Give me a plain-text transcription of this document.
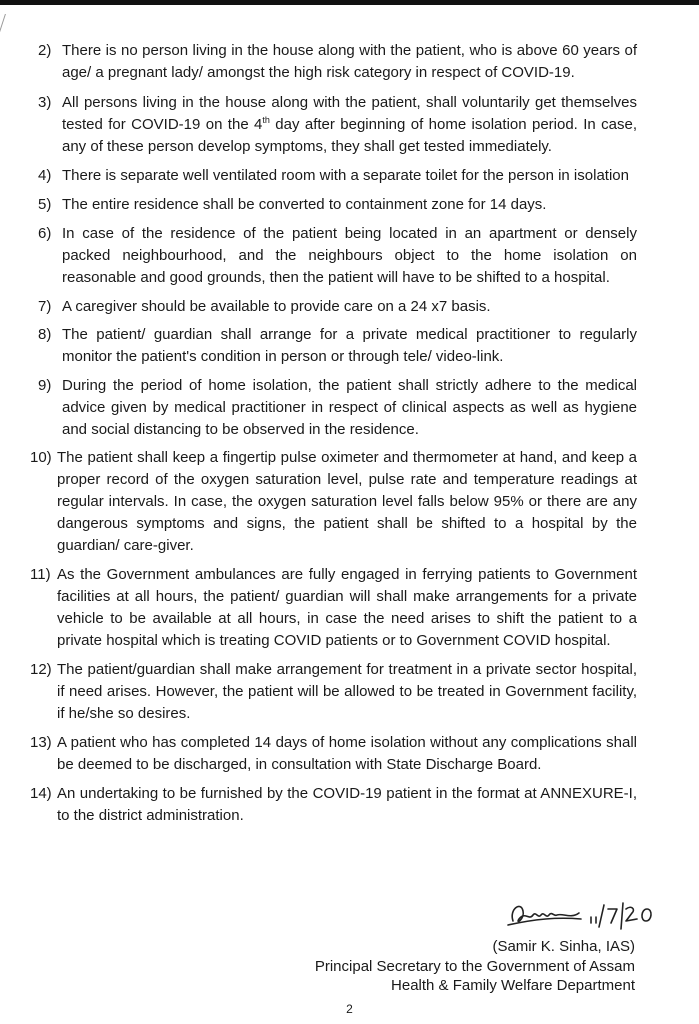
2) There is no person living in the house along with the patient, who is above 60 years of age/ a pregnant lady/ amongst the high risk category in respect of COVID-19.
3) All persons living in the house along with the patient, shall voluntarily get themselves tested for COVID-19 on the 4th day after beginning of home isolation period. In case, any of these person develop symptoms, they shall get tested immediately.
4) There is separate well ventilated room with a separate toilet for the person in isolation
5) The entire residence shall be converted to containment zone for 14 days.
6) In case of the residence of the patient being located in an apartment or densely packed neighbourhood, and the neighbours object to the home isolation on reasonable and good grounds, then the patient will have to be shifted to a hospital.
7) A caregiver should be available to provide care on a 24 x7 basis.
8) The patient/ guardian shall arrange for a private medical practitioner to regularly monitor the patient's condition in person or through tele/ video-link.
9) During the period of home isolation, the patient shall strictly adhere to the medical advice given by medical practitioner in respect of clinical aspects as well as hygiene and social distancing to be observed in the residence.
10) The patient shall keep a fingertip pulse oximeter and thermometer at hand, and keep a proper record of the oxygen saturation level, pulse rate and temperature readings at regular intervals. In case, the oxygen saturation level falls below 95% or there are any dangerous symptoms and signs, the patient shall be shifted to a hospital by the guardian/ care-giver.
11) As the Government ambulances are fully engaged in ferrying patients to Government facilities at all hours, the patient/ guardian will shall make arrangements for a private vehicle to be available at all hours, in case the need arises to shift the patient to a private hospital which is treating COVID patients or to Government COVID hospital.
12) The patient/guardian shall make arrangement for treatment in a private sector hospital, if need arises. However, the patient will be allowed to be treated in Government facility, if he/she so desires.
13) A patient who has completed 14 days of home isolation without any complications shall be deemed to be discharged, in consultation with State Discharge Board.
14) An undertaking to be furnished by the COVID-19 patient in the format at ANNEXURE-I, to the district administration.
(Samir K. Sinha, IAS)
Principal Secretary to the Government of Assam
Health & Family Welfare Department
2
